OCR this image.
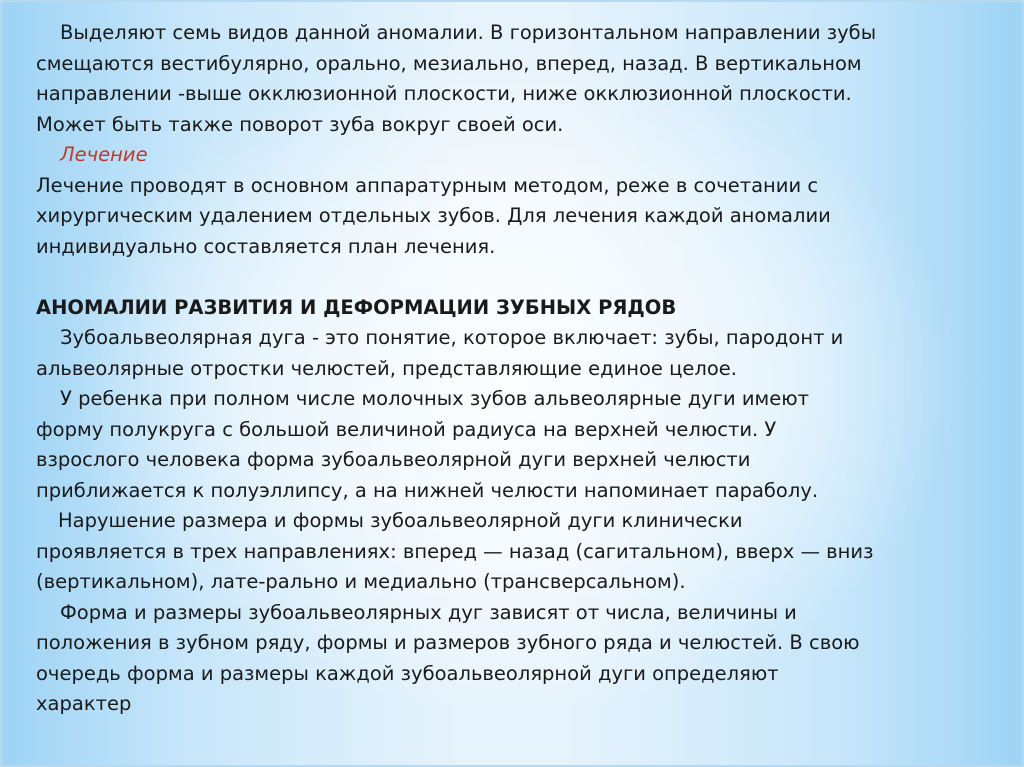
Выделяют семь видов данной аномалии. В горизонтальном направлении зубы
смещаются вестибулярно, орально, мезиально, вперед, назад. В вертикальном
направлении -выше окклюзионной плоскости, ниже окклюзионной плоскости.
Может быть также поворот зуба вокруг своей оси.
Лечение
Лечение проводят в основном аппаратурным методом, реже в сочетании с
хирургическим удалением отдельных зубов. Для лечения каждой аномалии
индивидуально составляется план лечения.
АНОМАЛИИ РАЗВИТИЯ И ДЕФОРМАЦИИ ЗУБНЫХ РЯДОВ
Зубоальвеолярная дуга - это понятие, которое включает: зубы, пародонт и
альвеолярные отростки челюстей, представляющие единое целое.
У ребенка при полном числе молочных зубов альвеолярные дуги имеют
форму полукруга с большой величиной радиуса на верхней челюсти. У
взрослого человека форма зубоальвеолярной дуги верхней челюсти
приближается к полуэллипсу, а на нижней челюсти напоминает параболу.
Нарушение размера и формы зубоальвеолярной дуги клинически
проявляется в трех направлениях: вперед — назад (сагитальном), вверх — вниз
(вертикальном), лате-рально и медиально (трансверсальном).
Форма и размеры зубоальвеолярных дуг зависят от числа, величины и
положения в зубном ряду, формы и размеров зубного ряда и челюстей. В свою
очередь форма и размеры каждой зубоальвеолярной дуги определяют
характер
